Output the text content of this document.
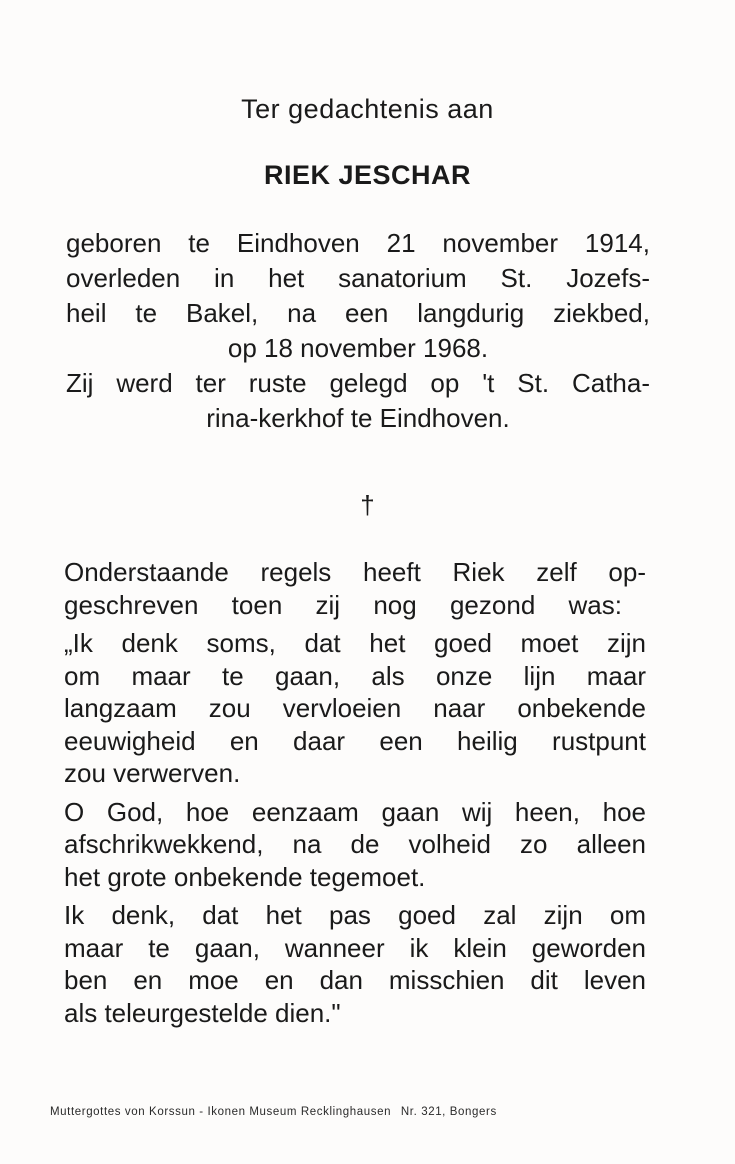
Ter gedachtenis aan
RIEK JESCHAR
geboren te Eindhoven 21 november 1914,
overleden in het sanatorium St. Jozefs-
heil te Bakel, na een langdurig ziekbed,
op 18 november 1968.
Zij werd ter ruste gelegd op 't St. Catha-
rina-kerkhof te Eindhoven.
†
Onderstaande regels heeft Riek zelf op-
geschreven toen zij nog gezond was:
„Ik denk soms, dat het goed moet zijn
om maar te gaan, als onze lijn maar
langzaam zou vervloeien naar onbekende
eeuwigheid en daar een heilig rustpunt
zou verwerven.
O God, hoe eenzaam gaan wij heen, hoe
afschrikwekkend, na de volheid zo alleen
het grote onbekende tegemoet.
Ik denk, dat het pas goed zal zijn om
maar te gaan, wanneer ik klein geworden
ben en moe en dan misschien dit leven
als teleurgestelde dien."
Muttergottes von Korssun - Ikonen Museum Recklinghausen Nr. 321, Bongers
